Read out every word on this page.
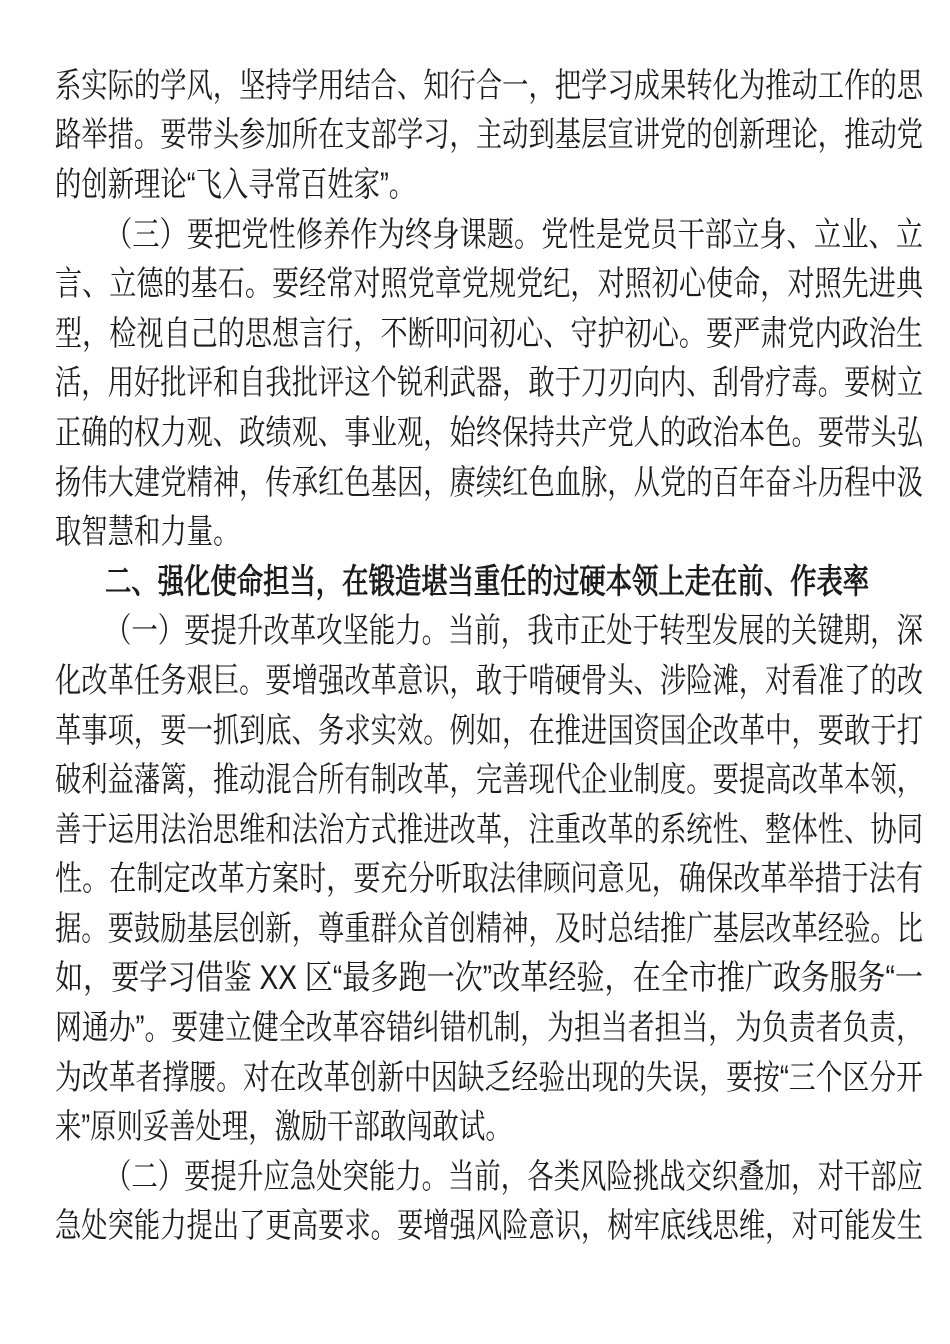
系实际的学风，坚持学用结合、知行合一，把学习成果转化为推动工作的思
路举措。要带头参加所在支部学习，主动到基层宣讲党的创新理论，推动党
的创新理论“飞入寻常百姓家”。
（三）要把党性修养作为终身课题。党性是党员干部立身、立业、立
言、立德的基石。要经常对照党章党规党纪，对照初心使命，对照先进典
型，检视自己的思想言行，不断叩问初心、守护初心。要严肃党内政治生
活，用好批评和自我批评这个锐利武器，敢于刀刃向内、刮骨疗毒。要树立
正确的权力观、政绩观、事业观，始终保持共产党人的政治本色。要带头弘
扬伟大建党精神，传承红色基因，赓续红色血脉，从党的百年奋斗历程中汲
取智慧和力量。
二、强化使命担当，在锻造堪当重任的过硬本领上走在前、作表率
（一）要提升改革攻坚能力。当前，我市正处于转型发展的关键期，深
化改革任务艰巨。要增强改革意识，敢于啃硬骨头、涉险滩，对看准了的改
革事项，要一抓到底、务求实效。例如，在推进国资国企改革中，要敢于打
破利益藩篱，推动混合所有制改革，完善现代企业制度。要提高改革本领，
善于运用法治思维和法治方式推进改革，注重改革的系统性、整体性、协同
性。在制定改革方案时，要充分听取法律顾问意见，确保改革举措于法有
据。要鼓励基层创新，尊重群众首创精神，及时总结推广基层改革经验。比
如，要学习借鉴 XX 区“最多跑一次”改革经验，在全市推广政务服务“一
网通办”。要建立健全改革容错纠错机制，为担当者担当，为负责者负责，
为改革者撑腰。对在改革创新中因缺乏经验出现的失误，要按“三个区分开
来”原则妥善处理，激励干部敢闯敢试。
（二）要提升应急处突能力。当前，各类风险挑战交织叠加，对干部应
急处突能力提出了更高要求。要增强风险意识，树牢底线思维，对可能发生
